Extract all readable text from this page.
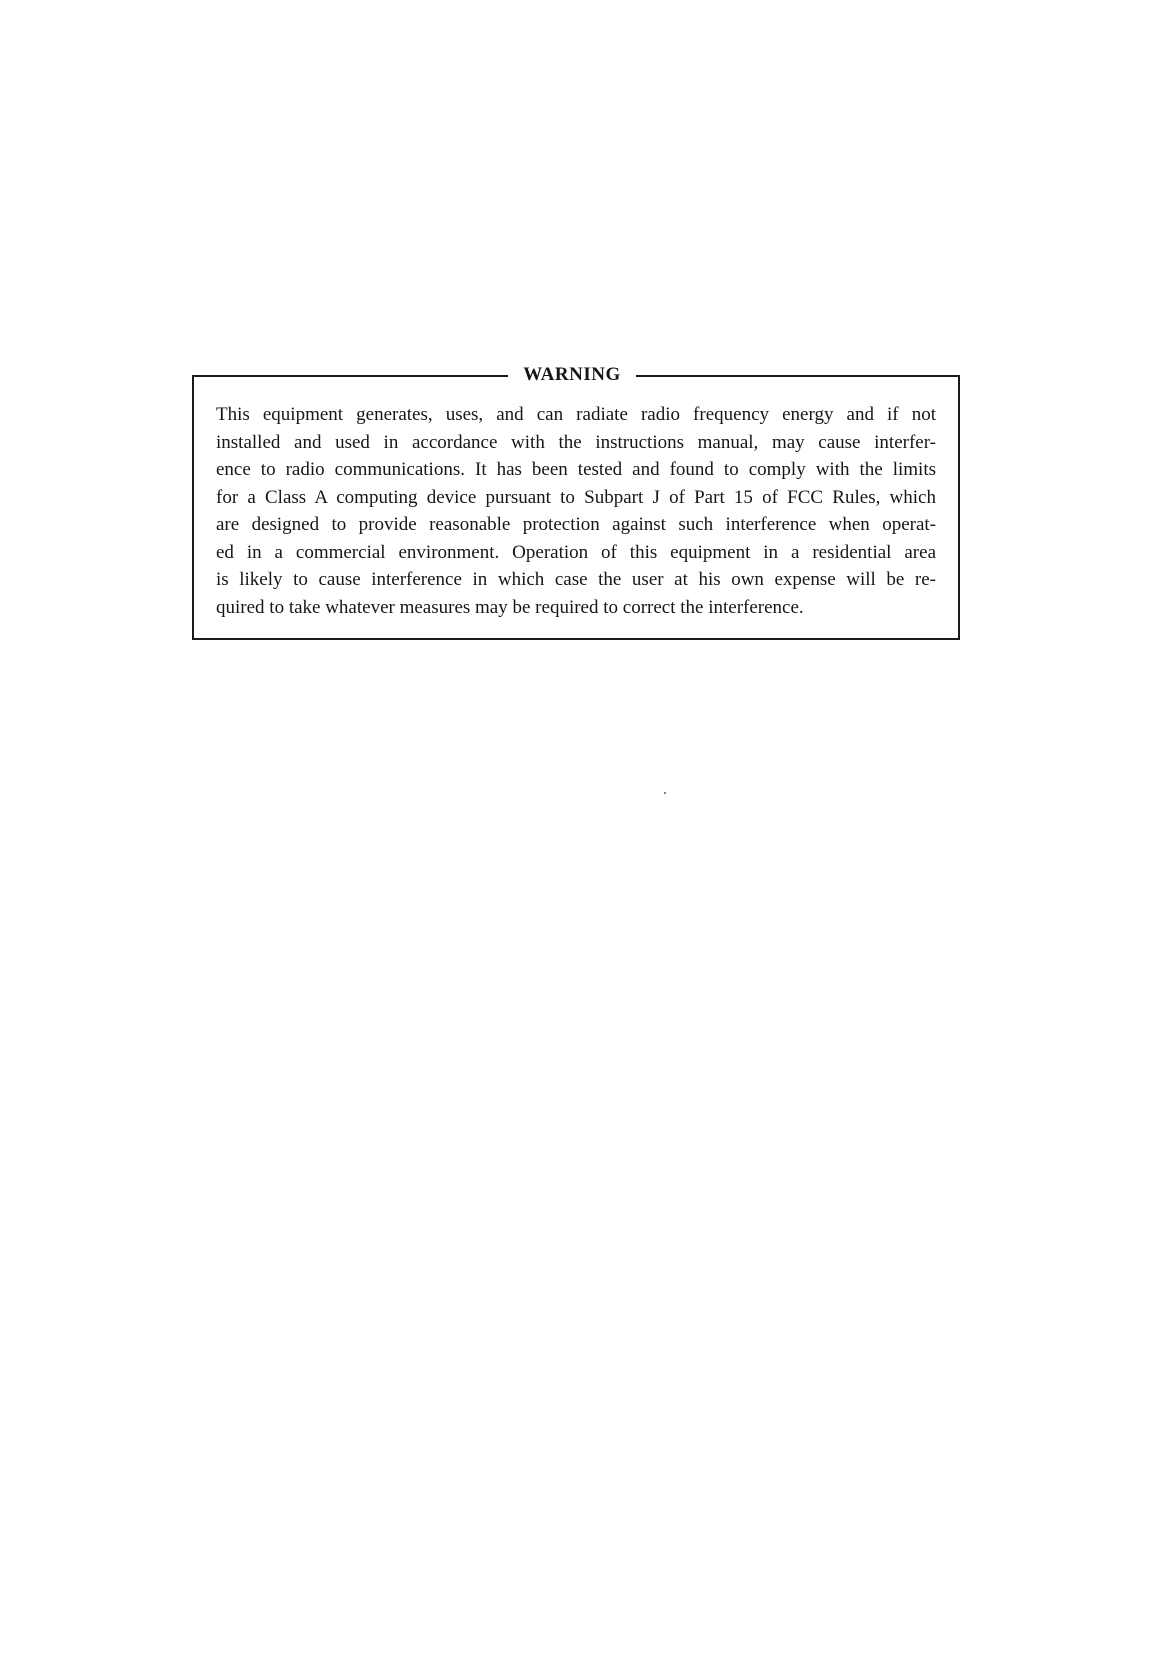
WARNING
This equipment generates, uses, and can radiate radio frequency energy and if not
installed and used in accordance with the instructions manual, may cause interfer-
ence to radio communications. It has been tested and found to comply with the limits
for a Class A computing device pursuant to Subpart J of Part 15 of FCC Rules, which
are designed to provide reasonable protection against such interference when operat-
ed in a commercial environment. Operation of this equipment in a residential area
is likely to cause interference in which case the user at his own expense will be re-
quired to take whatever measures may be required to correct the interference.
